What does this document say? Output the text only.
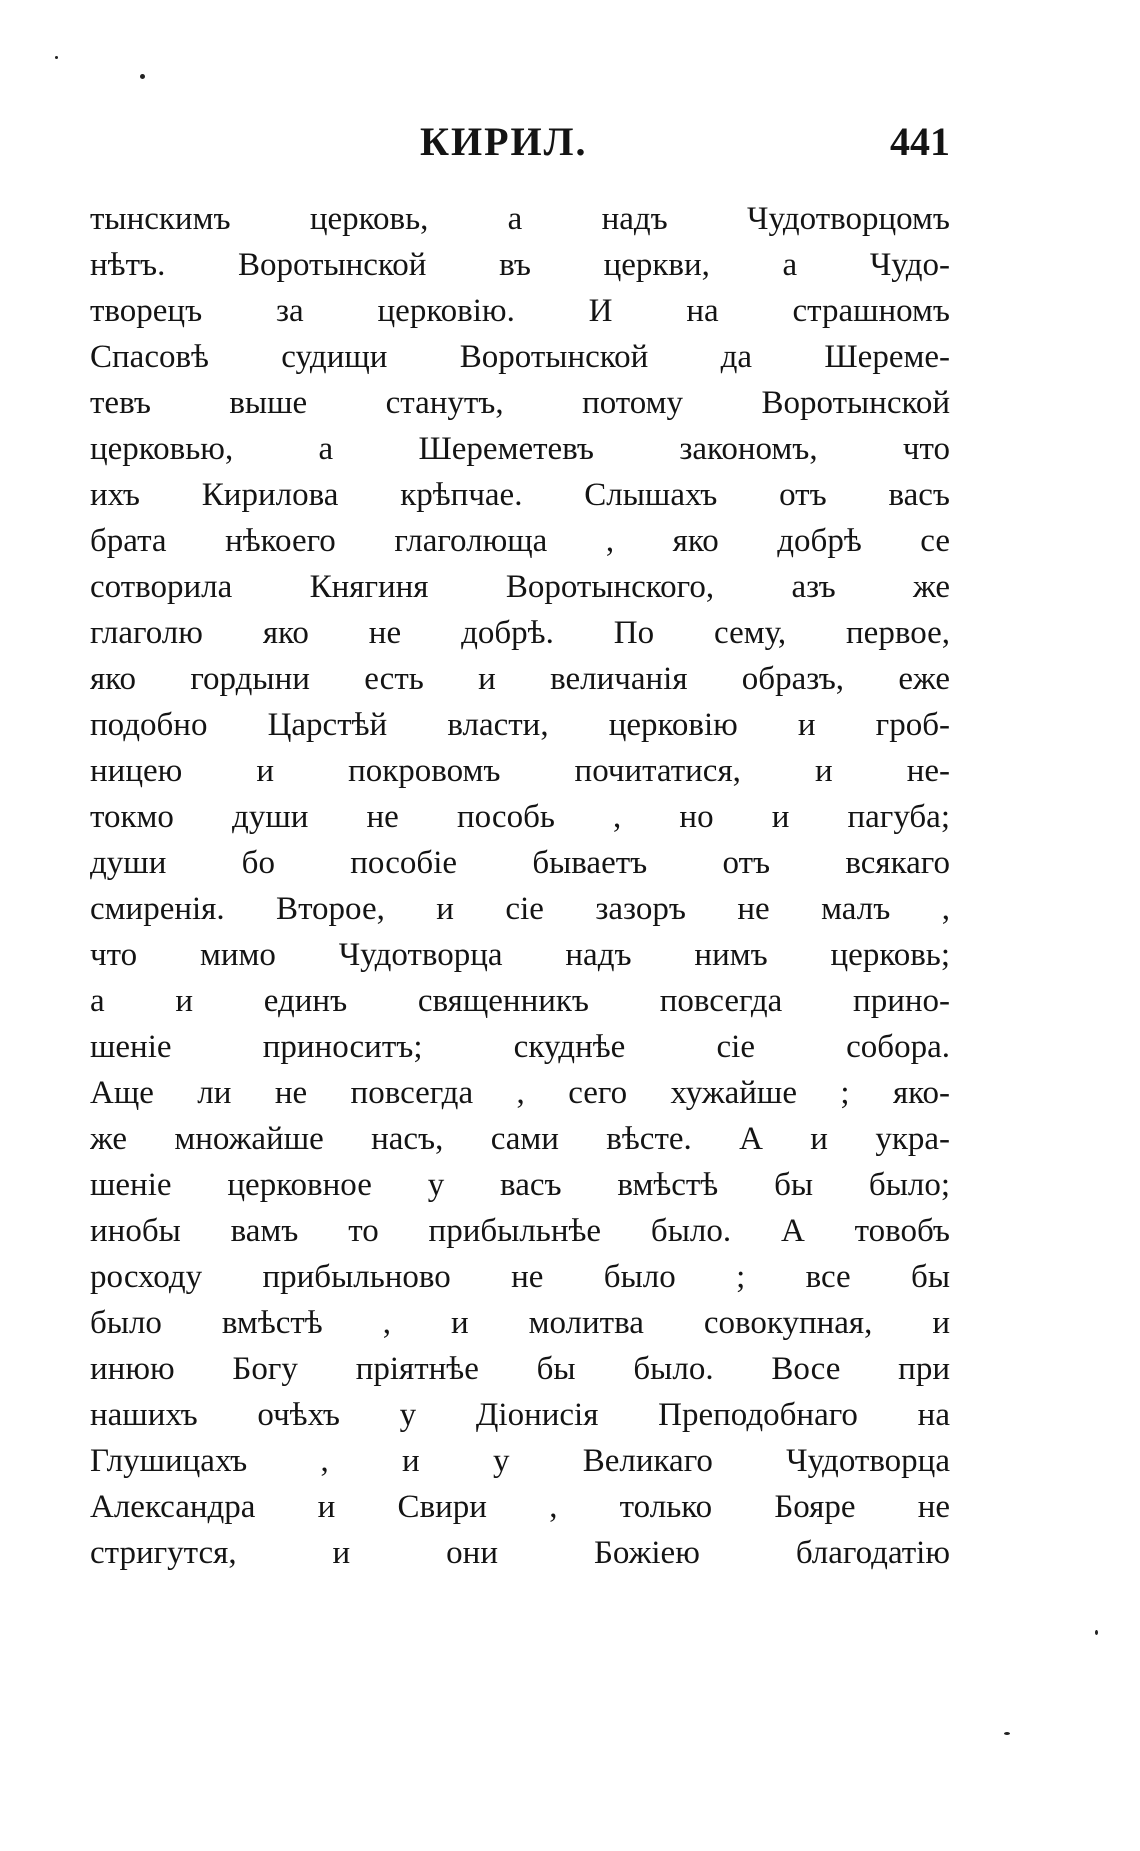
КИРИЛ.	441
тынскимъ церковь, а надъ Чудотворцомъ
нѣтъ. Воротынской въ церкви, а Чудо-
творецъ за церковію. И на страшномъ
Спасовѣ судищи Воротынской да Шереме-
тевъ выше станутъ, потому Воротынской
церковью, а Шереметевъ закономъ, что
ихъ Кирилова крѣпчае. Слышахъ отъ васъ
брата нѣкоего глаголюща , яко добрѣ се
сотворила Княгиня Воротынского, азъ же
глаголю яко не добрѣ. По сему, первое,
яко гордыни есть и величанія образъ, еже
подобно Царстѣй власти, церковію и гроб-
ницею и покровомъ почитатися, и не-
токмо души не пособь , но и пагуба;
души бо пособіе бываетъ отъ всякаго
смиренія. Второе, и сіе зазоръ не малъ ,
что мимо Чудотворца надъ нимъ церковь;
а и единъ священникъ повсегда прино-
шеніе приноситъ; скуднѣе сіе собора.
Аще ли не повсегда , сего хужайше ; яко-
же множайше насъ, сами вѣсте. А и укра-
шеніе церковное у васъ вмѣстѣ бы было;
инобы вамъ то прибыльнѣе было. А товобъ
росходу прибыльново не было ; все бы
было вмѣстѣ , и молитва совокупная, и
инюю Богу пріятнѣе бы было. Восе при
нашихъ очѣхъ у Діонисія Преподобнаго на
Глушицахъ , и у Великаго Чудотворца
Александра и Свири , только Бояре не
стригутся, и они Божіею благодатію
